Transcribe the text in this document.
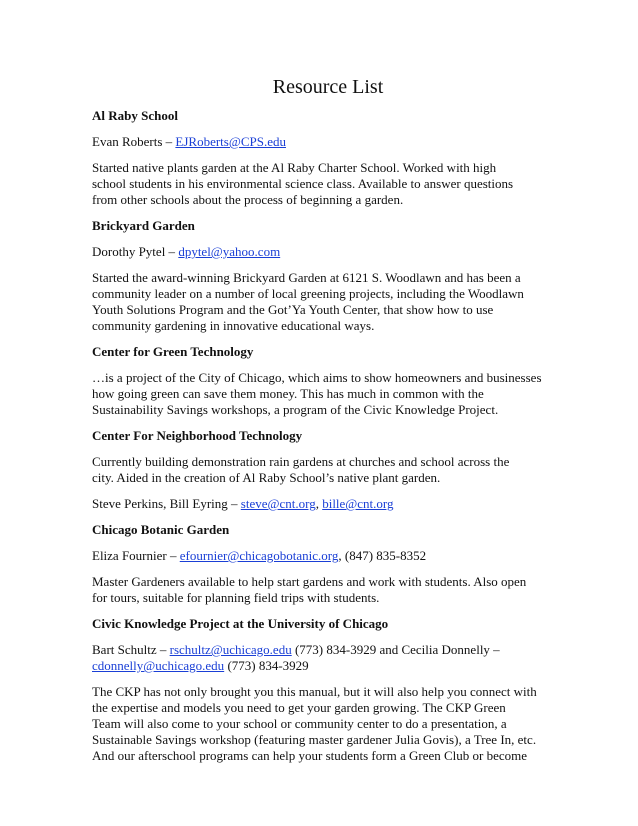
Resource List
Al Raby School
Evan Roberts – EJRoberts@CPS.edu
Started native plants garden at the Al Raby Charter School. Worked with high
school students in his environmental science class. Available to answer questions
from other schools about the process of beginning a garden.
Brickyard Garden
Dorothy Pytel – dpytel@yahoo.com
Started the award-winning Brickyard Garden at 6121 S. Woodlawn and has been a
community leader on a number of local greening projects, including the Woodlawn
Youth Solutions Program and the Got’Ya Youth Center, that show how to use
community gardening in innovative educational ways.
Center for Green Technology
…is a project of the City of Chicago, which aims to show homeowners and businesses
how going green can save them money. This has much in common with the
Sustainability Savings workshops, a program of the Civic Knowledge Project.
Center For Neighborhood Technology
Currently building demonstration rain gardens at churches and school across the
city. Aided in the creation of Al Raby School’s native plant garden.
Steve Perkins, Bill Eyring – steve@cnt.org, bille@cnt.org
Chicago Botanic Garden
Eliza Fournier – efournier@chicagobotanic.org, (847) 835-8352
Master Gardeners available to help start gardens and work with students. Also open
for tours, suitable for planning field trips with students.
Civic Knowledge Project at the University of Chicago
Bart Schultz – rschultz@uchicago.edu (773) 834-3929 and Cecilia Donnelly –
cdonnelly@uchicago.edu (773) 834-3929
The CKP has not only brought you this manual, but it will also help you connect with
the expertise and models you need to get your garden growing. The CKP Green
Team will also come to your school or community center to do a presentation, a
Sustainable Savings workshop (featuring master gardener Julia Govis), a Tree In, etc.
And our afterschool programs can help your students form a Green Club or become
